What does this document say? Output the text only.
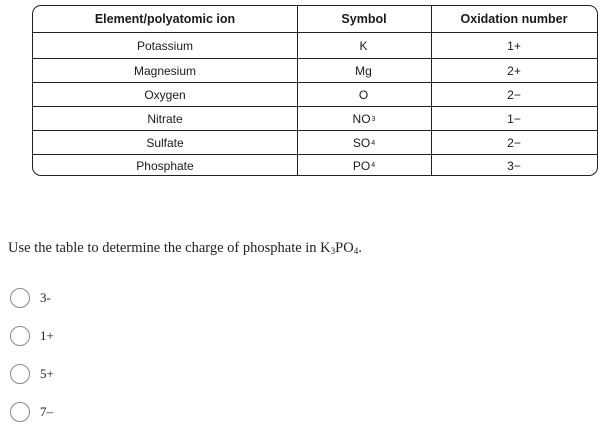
Element/polyatomic ion	Symbol	Oxidation number
Potassium	K	1+
Magnesium	Mg	2+
Oxygen	O	2−
Nitrate	NO 3	1−
Sulfate	SO 4	2−
Phosphate	PO 4	3−
Use the table to determine the charge of phosphate in K3PO4.
3-
1+
5+
7–
